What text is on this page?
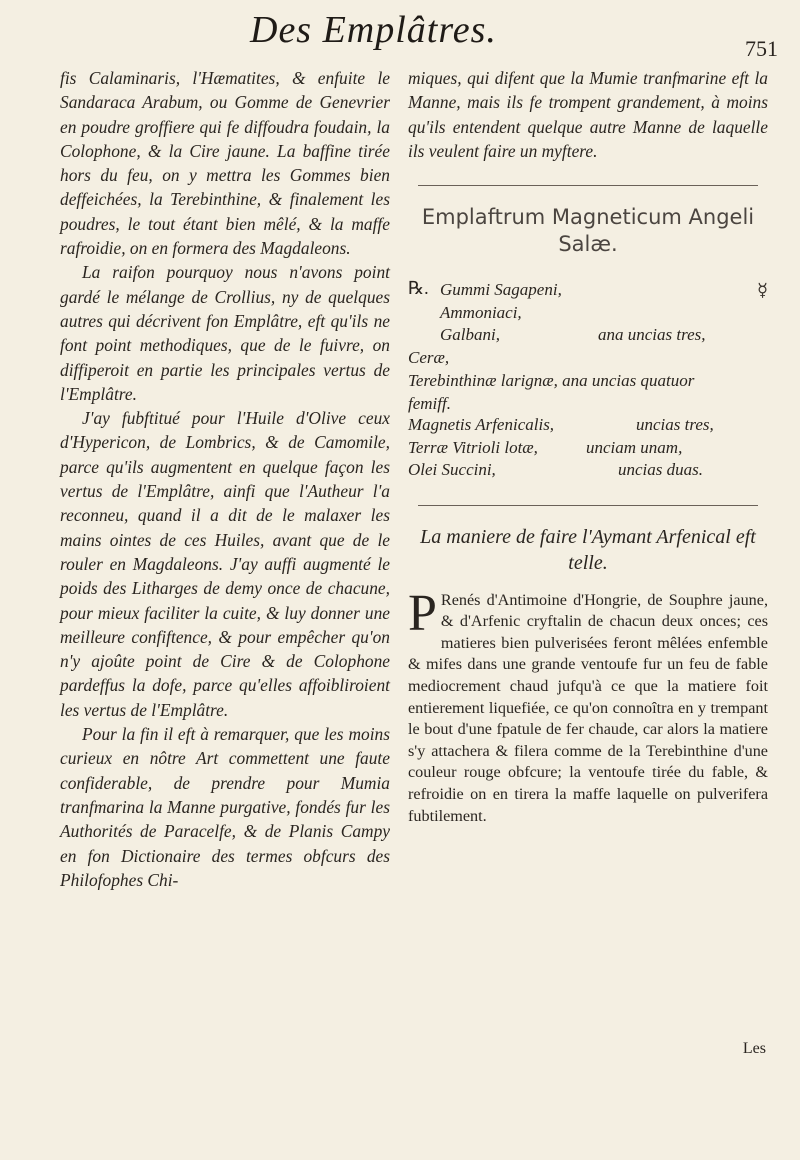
Des Emplâtres.	751

fis Calaminaris, l'Hæmatites, & enfuite le Sandaraca Arabum, ou Gomme de Genevrier en poudre groffiere qui fe diffoudra foudain, la Colophone, & la Cire jaune. La baffine tirée hors du feu, on y mettra les Gommes bien deffeichées, la Terebinthine, & finalement les poudres, le tout étant bien mêlé, & la maffe rafroidie, on en formera des Magdaleons.

La raifon pourquoy nous n'avons point gardé le mélange de Crollius, ny de quelques autres qui décrivent fon Emplâtre, eft qu'ils ne font point methodiques, que de le fuivre, on diffiperoit en partie les principales vertus de l'Emplâtre.

J'ay fubftitué pour l'Huile d'Olive ceux d'Hypericon, de Lombrics, & de Camomile, parce qu'ils augmentent en quelque façon les vertus de l'Emplâtre, ainfi que l'Autheur l'a reconneu, quand il a dit de le malaxer les mains ointes de ces Huiles, avant que de le rouler en Magdaleons. J'ay auffi augmenté le poids des Litharges de demy once de chacune, pour mieux faciliter la cuite, & luy donner une meilleure confiftence, & pour empêcher qu'on n'y ajoûte point de Cire & de Colophone pardeffus la dofe, parce qu'elles affoibliroient les vertus de l'Emplâtre.

Pour la fin il eft à remarquer, que les moins curieux en nôtre Art commettent une faute confiderable, de prendre pour Mumia tranfmarina la Manne purgative, fondés fur les Authorités de Paracelfe, & de Planis Campy en fon Dictionaire des termes obfcurs des Philofophes Chi-

miques, qui difent que la Mumie tranfmarine eft la Manne, mais ils fe trompent grandement, à moins qu'ils entendent quelque autre Manne de laquelle ils veulent faire un myftere.

Emplaftrum Magneticum Angeli Salæ.

℞.	☿
Gummi Sagapeni,
Ammoniaci,
Galbani,	ana uncias tres,
Ceræ,
Terebinthinæ larignæ, ana uncias quatuor femiff.
Magnetis Arfenicalis,	uncias tres,
Terræ Vitrioli lotæ,	unciam unam,
Olei Succini,	uncias duas.

La maniere de faire l'Aymant Arfenical eft telle.

P Renés d'Antimoine d'Hongrie, de Souphre jaune, & d'Arfenic cryftalin de chacun deux onces; ces matieres bien pulverisées feront mêlées enfemble & mifes dans une grande ventoufe fur un feu de fable mediocrement chaud jufqu'à ce que la matiere foit entierement liquefiée, ce qu'on connoîtra en y trempant le bout d'une fpatule de fer chaude, car alors la matiere s'y attachera & filera comme de la Terebinthine d'une couleur rouge obfcure; la ventoufe tirée du fable, & refroidie on en tirera la maffe laquelle on pulverifera fubtilement.

Les
